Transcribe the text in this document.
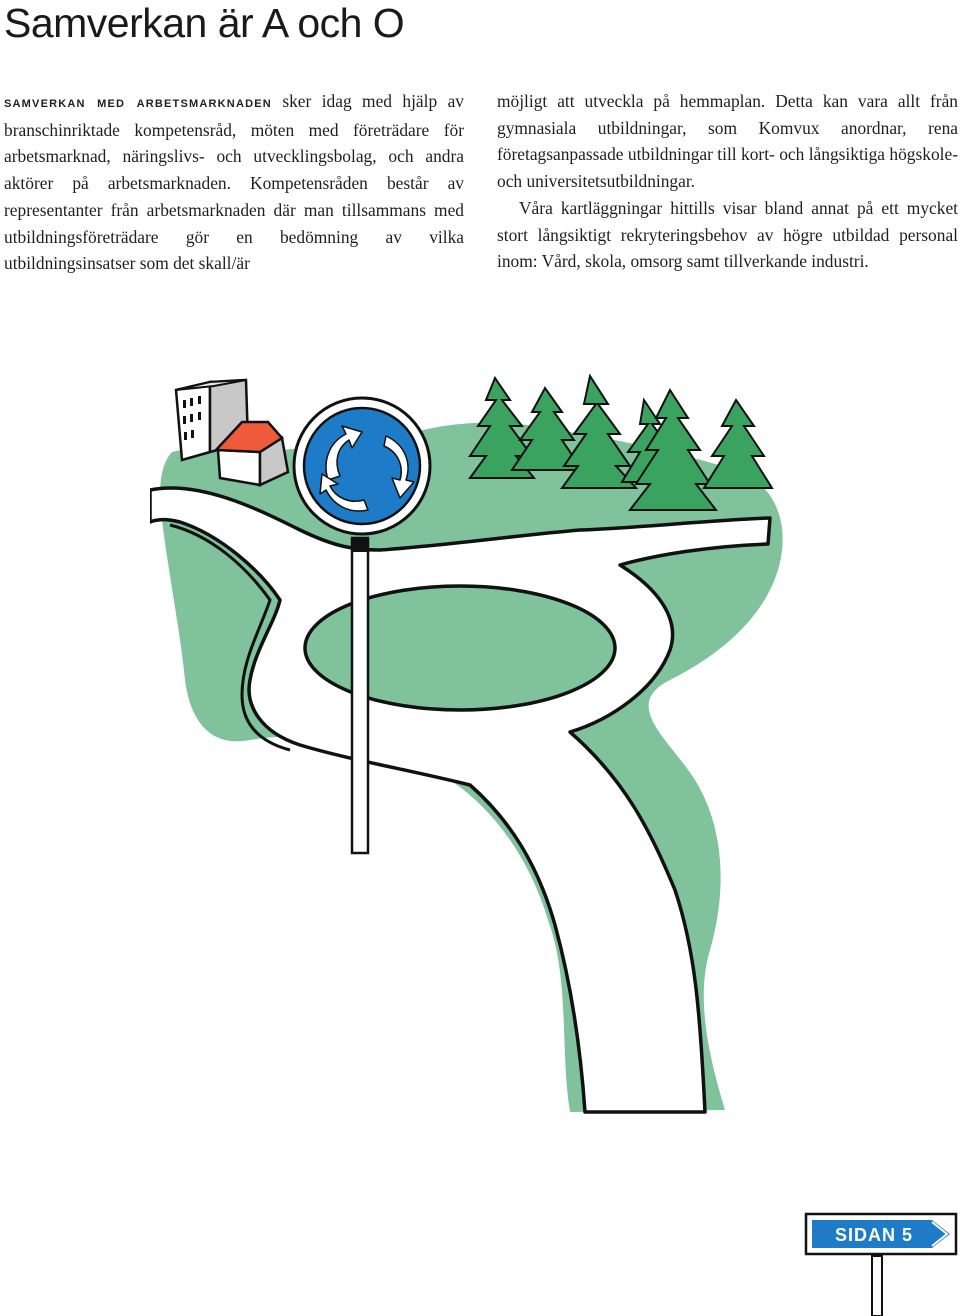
Samverkan är A och O

samverkan med arbetsmarknaden sker idag med hjälp av branschinriktade kompetensråd, möten med företrädare för arbetsmarknad, näringslivs- och utvecklingsbolag, och andra aktörer på arbetsmarknaden. Kompetensråden består av representanter från arbetsmarknaden där man tillsammans med utbildningsföreträdare gör en bedömning av vilka utbildningsinsatser som det skall/är

möjligt att utveckla på hemmaplan. Detta kan vara allt från gymnasiala utbildningar, som Komvux anordnar, rena företagsanpassade utbildningar till kort- och långsiktiga högskole- och universitetsutbildningar.

Våra kartläggningar hittills visar bland annat på ett mycket stort långsiktigt rekryteringsbehov av högre utbildad personal inom: Vård, skola, omsorg samt tillverkande industri.

SIDAN 5
